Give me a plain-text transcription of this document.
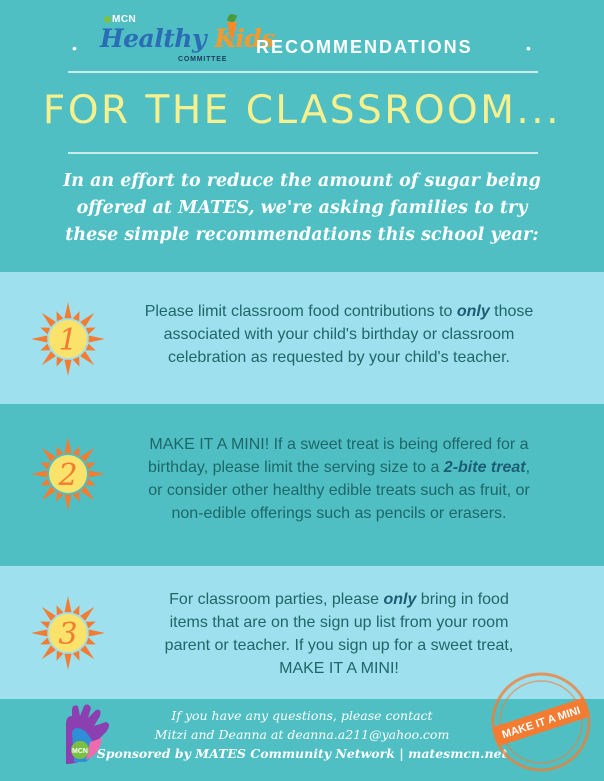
•
MCN
Healthy Kids
COMMITTEE
RECOMMENDATIONS	•
FOR THE CLASSROOM...
In an effort to reduce the amount of sugar being
offered at MATES, we're asking families to try
these simple recommendations this school year:
1
2
3
Please limit classroom food contributions to only those
associated with your child's birthday or classroom
celebration as requested by your child's teacher.
MAKE IT A MINI! If a sweet treat is being offered for a
birthday, please limit the serving size to a 2-bite treat,
or consider other healthy edible treats such as fruit, or
non-edible offerings such as pencils or erasers.
For classroom parties, please only bring in food
items that are on the sign up list from your room
parent or teacher. If you sign up for a sweet treat,
MAKE IT A MINI!
MCN
If you have any questions, please contact
Mitzi and Deanna at deanna.a211@yahoo.com
Sponsored by MATES Community Network | matesmcn.net
MAKE IT A MINI
